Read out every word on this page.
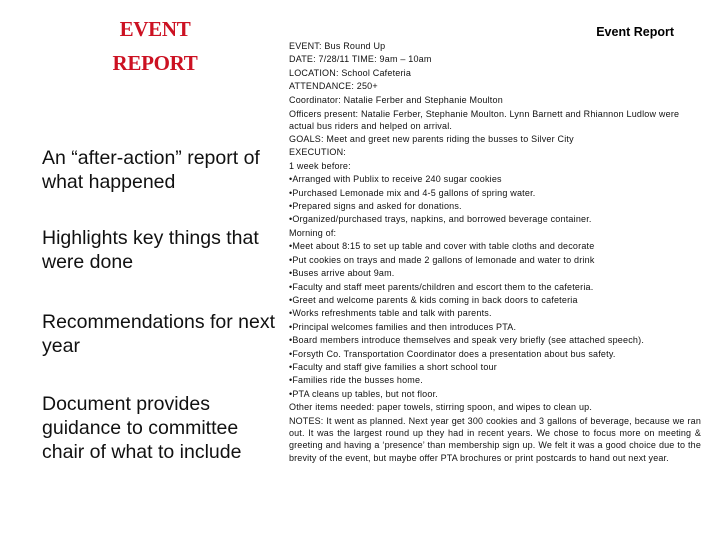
EVENT
REPORT
An “after-action” report of what happened
Highlights key things that were done
Recommendations for next year
Document provides guidance to committee chair of what to include
Event Report
EVENT: Bus Round Up
DATE: 7/28/11 TIME: 9am – 10am
LOCATION: School Cafeteria
ATTENDANCE: 250+
Coordinator: Natalie Ferber and Stephanie Moulton
Officers present: Natalie Ferber, Stephanie Moulton. Lynn Barnett and Rhiannon Ludlow were actual bus riders and helped on arrival.
GOALS: Meet and greet new parents riding the busses to Silver City
EXECUTION:
1 week before:
•Arranged with Publix to receive 240 sugar cookies
•Purchased Lemonade mix and 4-5 gallons of spring water.
•Prepared signs and asked for donations.
•Organized/purchased trays, napkins, and borrowed beverage container.
Morning of:
•Meet about 8:15 to set up table and cover with table cloths and decorate
•Put cookies on trays and made 2 gallons of lemonade and water to drink
•Buses arrive about 9am.
•Faculty and staff meet parents/children and escort them to the cafeteria.
•Greet and welcome parents & kids coming in back doors to cafeteria
•Works refreshments table and talk with parents.
•Principal welcomes families and then introduces PTA.
•Board members introduce themselves and speak very briefly (see attached speech).
•Forsyth Co. Transportation Coordinator does a presentation about bus safety.
•Faculty and staff give families a short school tour
•Families ride the busses home.
•PTA cleans up tables, but not floor.
Other items needed: paper towels, stirring spoon, and wipes to clean up.
NOTES: It went as planned. Next year get 300 cookies and 3 gallons of beverage, because we ran out. It was the largest round up they had in recent years. We chose to focus more on meeting & greeting and having a ‘presence’ than membership sign up. We felt it was a good choice due to the brevity of the event, but maybe offer PTA brochures or print postcards to hand out next year.
